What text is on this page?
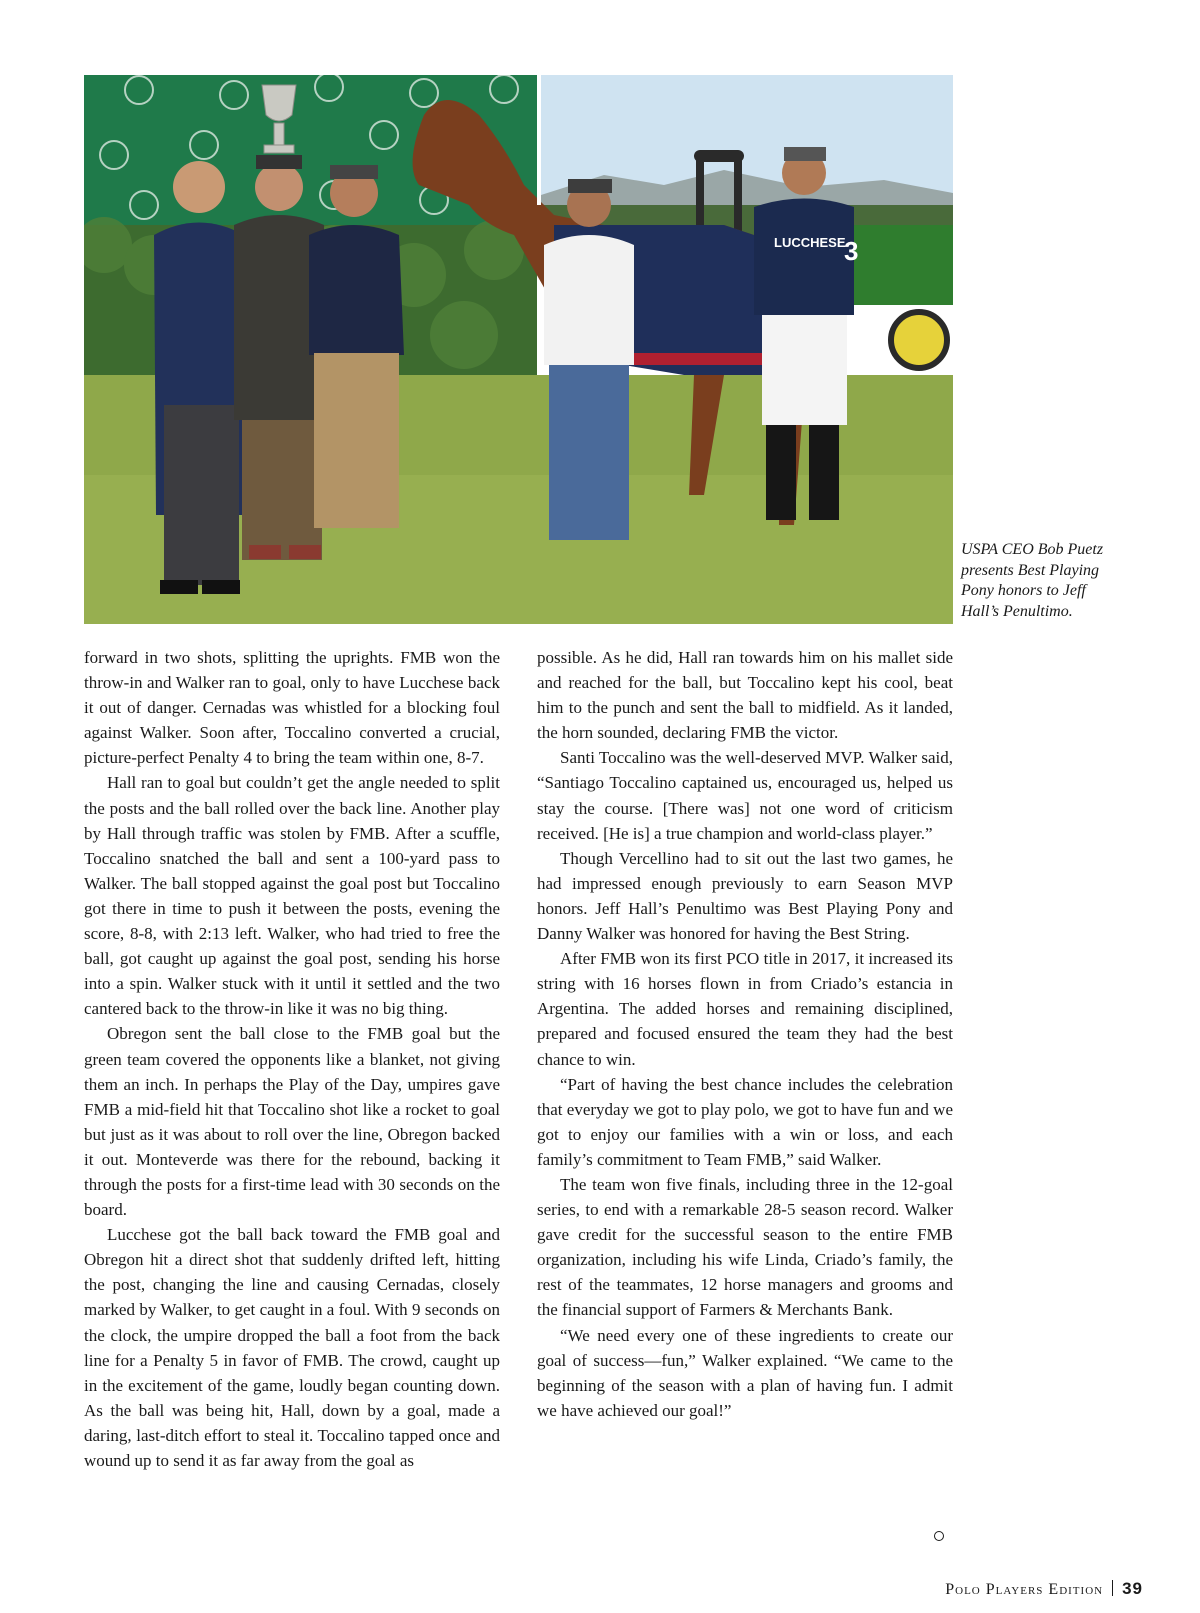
LUCCHESE
3
USPA CEO Bob Puetz presents Best Playing Pony honors to Jeff Hall’s Penultimo.

forward in two shots, splitting the uprights. FMB won the throw-in and Walker ran to goal, only to have Lucchese back it out of danger. Cernadas was whistled for a blocking foul against Walker. Soon after, Toccalino converted a crucial, picture-perfect Penalty 4 to bring the team within one, 8-7.

Hall ran to goal but couldn’t get the angle needed to split the posts and the ball rolled over the back line. Another play by Hall through traffic was stolen by FMB. After a scuffle, Toccalino snatched the ball and sent a 100-yard pass to Walker. The ball stopped against the goal post but Toccalino got there in time to push it between the posts, evening the score, 8-8, with 2:13 left. Walker, who had tried to free the ball, got caught up against the goal post, sending his horse into a spin. Walker stuck with it until it settled and the two cantered back to the throw-in like it was no big thing.

Obregon sent the ball close to the FMB goal but the green team covered the opponents like a blanket, not giving them an inch. In perhaps the Play of the Day, umpires gave FMB a mid-field hit that Toccalino shot like a rocket to goal but just as it was about to roll over the line, Obregon backed it out. Monteverde was there for the rebound, backing it through the posts for a first-time lead with 30 seconds on the board.

Lucchese got the ball back toward the FMB goal and Obregon hit a direct shot that suddenly drifted left, hitting the post, changing the line and causing Cernadas, closely marked by Walker, to get caught in a foul. With 9 seconds on the clock, the umpire dropped the ball a foot from the back line for a Penalty 5 in favor of FMB. The crowd, caught up in the excitement of the game, loudly began counting down. As the ball was being hit, Hall, down by a goal, made a daring, last-ditch effort to steal it. Toccalino tapped once and wound up to send it as far away from the goal as

possible. As he did, Hall ran towards him on his mallet side and reached for the ball, but Toccalino kept his cool, beat him to the punch and sent the ball to midfield. As it landed, the horn sounded, declaring FMB the victor.

Santi Toccalino was the well-deserved MVP. Walker said, “Santiago Toccalino captained us, encouraged us, helped us stay the course. [There was] not one word of criticism received. [He is] a true champion and world-class player.”

Though Vercellino had to sit out the last two games, he had impressed enough previously to earn Season MVP honors. Jeff Hall’s Penultimo was Best Playing Pony and Danny Walker was honored for having the Best String.

After FMB won its first PCO title in 2017, it increased its string with 16 horses flown in from Criado’s estancia in Argentina. The added horses and remaining disciplined, prepared and focused ensured the team they had the best chance to win.

“Part of having the best chance includes the celebration that everyday we got to play polo, we got to have fun and we got to enjoy our families with a win or loss, and each family’s commitment to Team FMB,” said Walker.

The team won five finals, including three in the 12-goal series, to end with a remarkable 28-5 season record. Walker gave credit for the successful season to the entire FMB organization, including his wife Linda, Criado’s family, the rest of the teammates, 12 horse managers and grooms and the financial support of Farmers & Merchants Bank.

“We need every one of these ingredients to create our goal of success—fun,” Walker explained. “We came to the beginning of the season with a plan of having fun. I admit we have achieved our goal!”

Polo Players Edition 39
